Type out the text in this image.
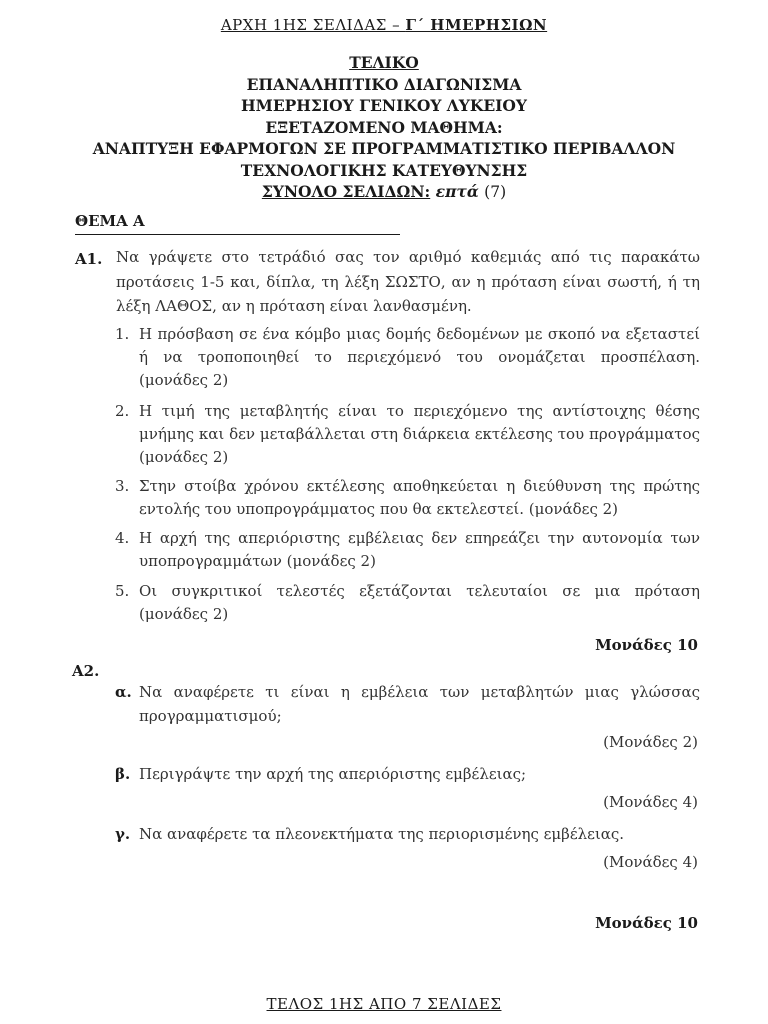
ΑΡΧΗ 1ΗΣ ΣΕΛΙΔΑΣ – Γ΄ ΗΜΕΡΗΣΙΩΝ
ΤΕΛΙΚΟ
ΕΠΑΝΑΛΗΠΤΙΚΟ ΔΙΑΓΩΝΙΣΜΑ
ΗΜΕΡΗΣΙΟΥ ΓΕΝΙΚΟΥ ΛΥΚΕΙΟΥ
ΕΞΕΤΑΖΟΜΕΝΟ ΜΑΘΗΜΑ:
ΑΝΑΠΤΥΞΗ ΕΦΑΡΜΟΓΩΝ ΣΕ ΠΡΟΓΡΑΜΜΑΤΙΣΤΙΚΟ ΠΕΡΙΒΑΛΛΟΝ
ΤΕΧΝΟΛΟΓΙΚΗΣ ΚΑΤΕΥΘΥΝΣΗΣ
ΣΥΝΟΛΟ ΣΕΛΙΔΩΝ: επτά (7)
ΘΕΜΑ Α
Α1. Να γράψετε στο τετράδιό σας τον αριθμό καθεμιάς από τις παρακάτω προτάσεις 1-5 και, δίπλα, τη λέξη ΣΩΣΤΟ, αν η πρόταση είναι σωστή, ή τη λέξη ΛΑΘΟΣ, αν η πρόταση είναι λανθασμένη.
1. Η πρόσβαση σε ένα κόμβο μιας δομής δεδομένων με σκοπό να εξεταστεί ή να τροποποιηθεί το περιεχόμενό του ονομάζεται προσπέλαση. (μονάδες 2)
2. Η τιμή της μεταβλητής είναι το περιεχόμενο της αντίστοιχης θέσης μνήμης και δεν μεταβάλλεται στη διάρκεια εκτέλεσης του προγράμματος (μονάδες 2)
3. Στην στοίβα χρόνου εκτέλεσης αποθηκεύεται η διεύθυνση της πρώτης εντολής του υποπρογράμματος που θα εκτελεστεί. (μονάδες 2)
4. Η αρχή της απεριόριστης εμβέλειας δεν επηρεάζει την αυτονομία των υποπρογραμμάτων (μονάδες 2)
5. Οι συγκριτικοί τελεστές εξετάζονται τελευταίοι σε μια πρόταση (μονάδες 2)
Μονάδες 10
Α2.
α. Να αναφέρετε τι είναι η εμβέλεια των μεταβλητών μιας γλώσσας προγραμματισμού;
(Μονάδες 2)
β. Περιγράψτε την αρχή της απεριόριστης εμβέλειας;
(Μονάδες 4)
γ. Να αναφέρετε τα πλεονεκτήματα της περιορισμένης εμβέλειας.
(Μονάδες 4)
Μονάδες 10
ΤΕΛΟΣ 1ΗΣ ΑΠΟ 7 ΣΕΛΙΔΕΣ
